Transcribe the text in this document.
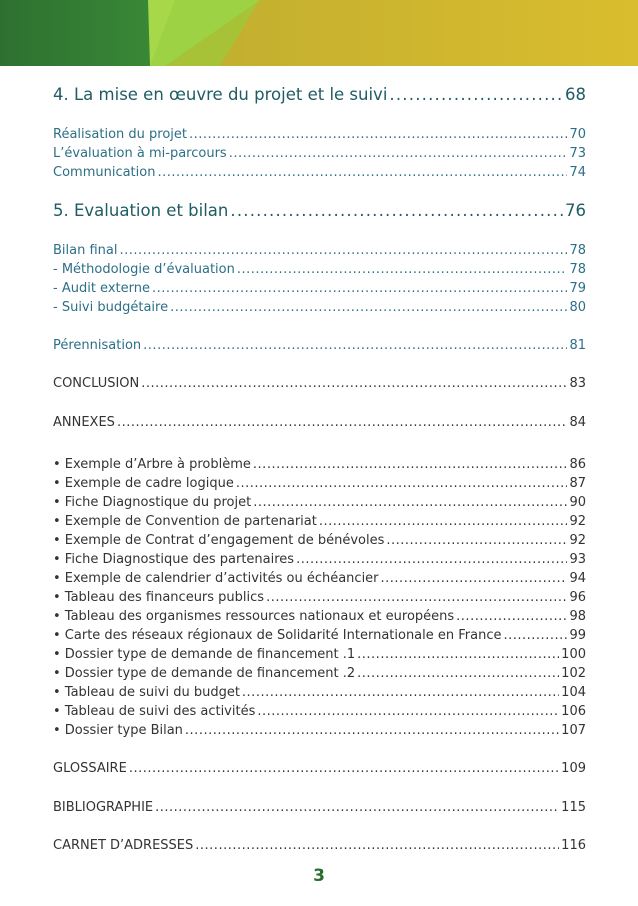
4. La mise en œuvre du projet et le suivi .....	68
Réalisation du projet .....	70
L’évaluation à mi-parcours .....	73
Communication .....	74
5. Evaluation et bilan .....	76
Bilan final .....	78
- Méthodologie d’évaluation .....	78
- Audit externe .....	79
- Suivi budgétaire .....	80
Pérennisation .....	81
CONCLUSION .....	83
ANNEXES .....	84
• Exemple d’Arbre à problème .....	86
• Exemple de cadre logique .....	87
• Fiche Diagnostique du projet .....	90
• Exemple de Convention de partenariat .....	92
• Exemple de Contrat d’engagement de bénévoles .....	92
• Fiche Diagnostique des partenaires .....	93
• Exemple de calendrier d’activités ou échéancier .....	94
• Tableau des financeurs publics .....	96
• Tableau des organismes ressources nationaux et européens .....	98
• Carte des réseaux régionaux de Solidarité Internationale en France .....	99
• Dossier type de demande de financement .1 .....	100
• Dossier type de demande de financement .2 .....	102
• Tableau de suivi du budget .....	104
• Tableau de suivi des activités .....	106
• Dossier type Bilan .....	107
GLOSSAIRE .....	109
BIBLIOGRAPHIE .....	115
CARNET D’ADRESSES .....	116
3
